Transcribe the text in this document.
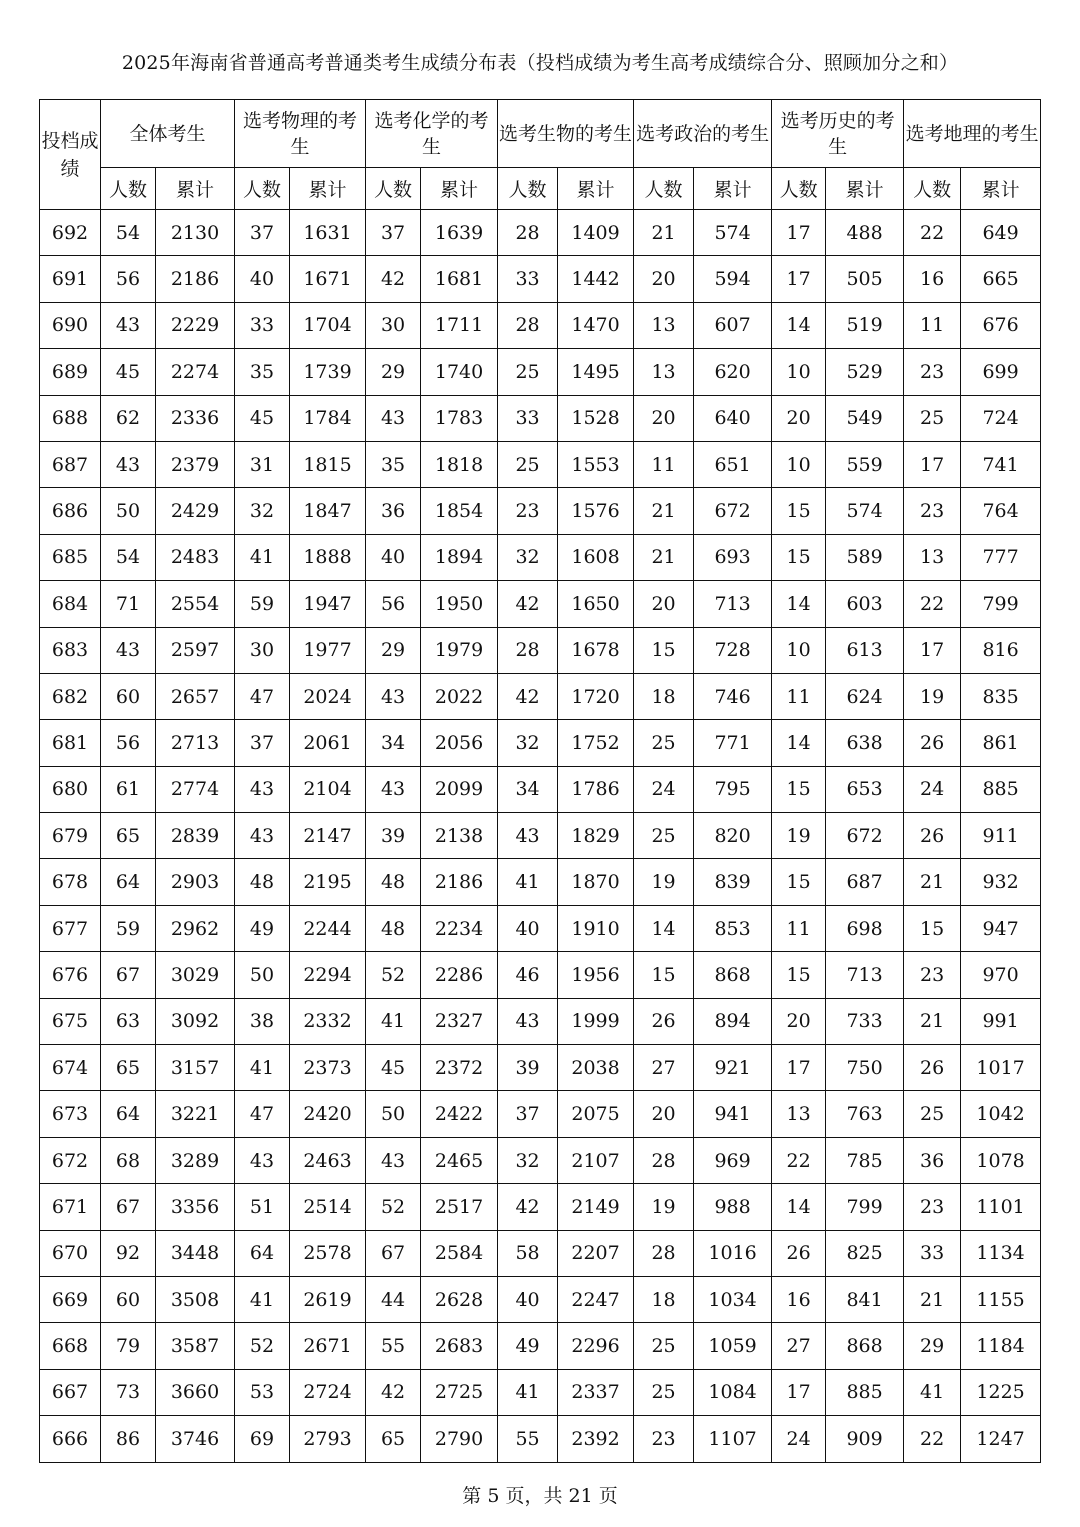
2025年海南省普通高考普通类考生成绩分布表（投档成绩为考生高考成绩综合分、照顾加分之和）
投档成绩	全体考生		选考物理的考生		选考化学的考生		选考生物的考生		选考政治的考生		选考历史的考生		选考地理的考生	
	人数	累计	人数	累计	人数	累计	人数	累计	人数	累计	人数	累计	人数	累计
692	54	2130	37	1631	37	1639	28	1409	21	574	17	488	22	649
691	56	2186	40	1671	42	1681	33	1442	20	594	17	505	16	665
690	43	2229	33	1704	30	1711	28	1470	13	607	14	519	11	676
689	45	2274	35	1739	29	1740	25	1495	13	620	10	529	23	699
688	62	2336	45	1784	43	1783	33	1528	20	640	20	549	25	724
687	43	2379	31	1815	35	1818	25	1553	11	651	10	559	17	741
686	50	2429	32	1847	36	1854	23	1576	21	672	15	574	23	764
685	54	2483	41	1888	40	1894	32	1608	21	693	15	589	13	777
684	71	2554	59	1947	56	1950	42	1650	20	713	14	603	22	799
683	43	2597	30	1977	29	1979	28	1678	15	728	10	613	17	816
682	60	2657	47	2024	43	2022	42	1720	18	746	11	624	19	835
681	56	2713	37	2061	34	2056	32	1752	25	771	14	638	26	861
680	61	2774	43	2104	43	2099	34	1786	24	795	15	653	24	885
679	65	2839	43	2147	39	2138	43	1829	25	820	19	672	26	911
678	64	2903	48	2195	48	2186	41	1870	19	839	15	687	21	932
677	59	2962	49	2244	48	2234	40	1910	14	853	11	698	15	947
676	67	3029	50	2294	52	2286	46	1956	15	868	15	713	23	970
675	63	3092	38	2332	41	2327	43	1999	26	894	20	733	21	991
674	65	3157	41	2373	45	2372	39	2038	27	921	17	750	26	1017
673	64	3221	47	2420	50	2422	37	2075	20	941	13	763	25	1042
672	68	3289	43	2463	43	2465	32	2107	28	969	22	785	36	1078
671	67	3356	51	2514	52	2517	42	2149	19	988	14	799	23	1101
670	92	3448	64	2578	67	2584	58	2207	28	1016	26	825	33	1134
669	60	3508	41	2619	44	2628	40	2247	18	1034	16	841	21	1155
668	79	3587	52	2671	55	2683	49	2296	25	1059	27	868	29	1184
667	73	3660	53	2724	42	2725	41	2337	25	1084	17	885	41	1225
666	86	3746	69	2793	65	2790	55	2392	23	1107	24	909	22	1247
第 5 页，共 21 页
